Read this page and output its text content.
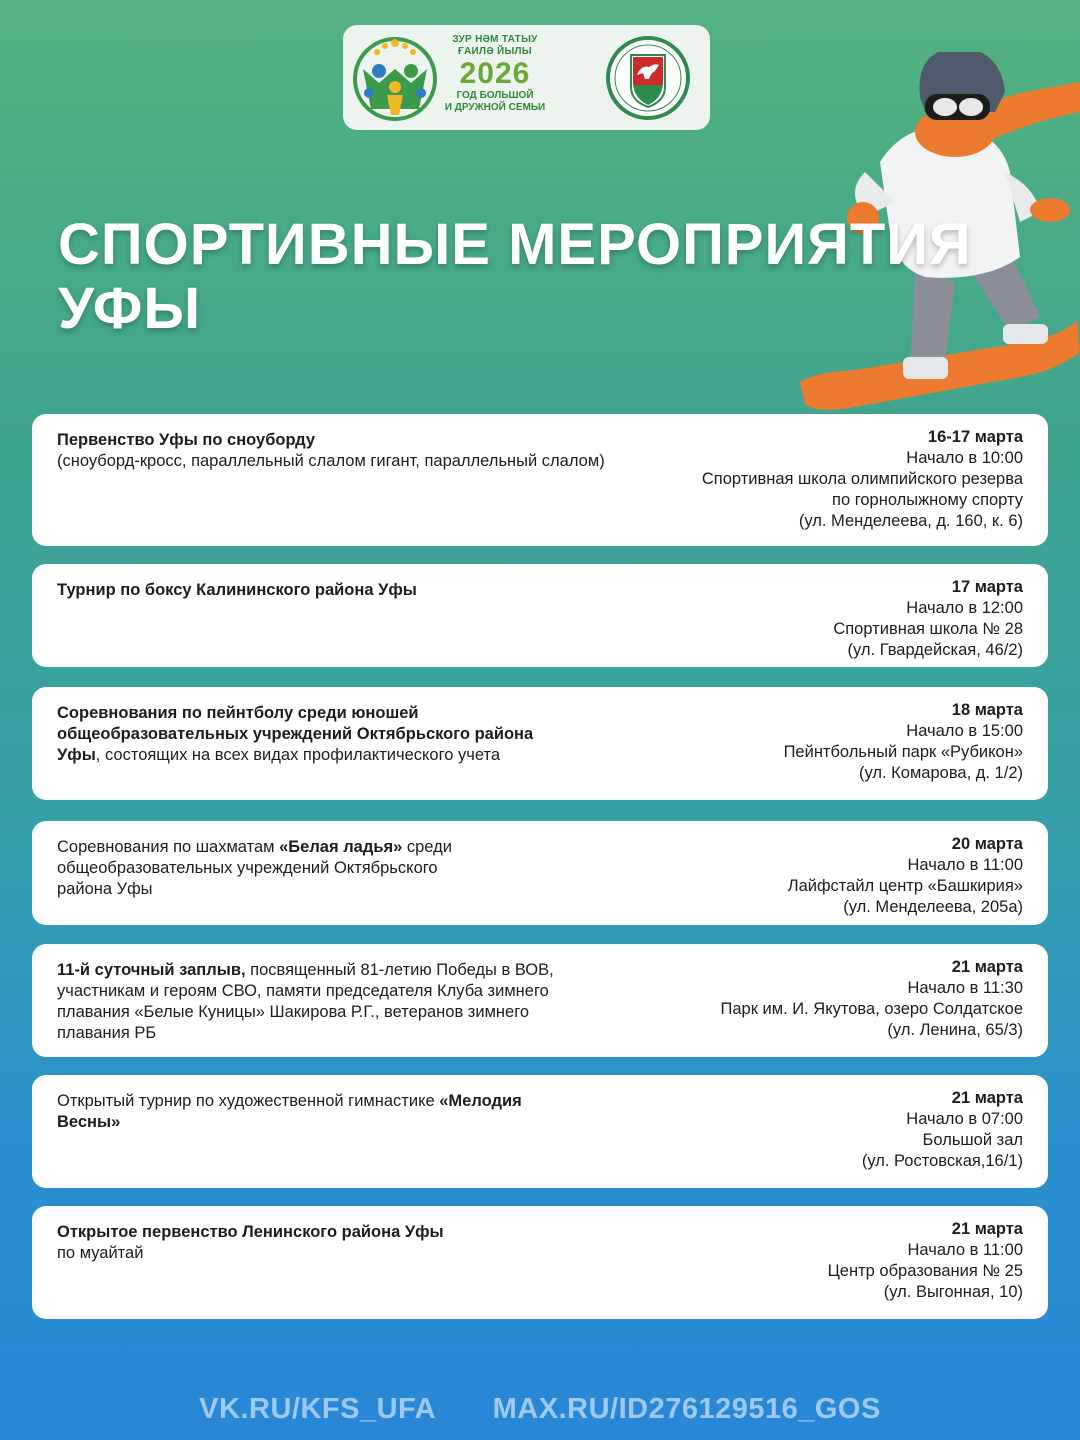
ЗУР НӘМ ТАТЫУ
ҒАИЛӘ ЙЫЛЫ
2026
ГОД БОЛЬШОЙ
И ДРУЖНОЙ СЕМЬИ
СПОРТИВНЫЕ МЕРОПРИЯТИЯ
УФЫ
Первенство Уфы по сноуборду
(сноуборд-кросс, параллельный слалом гигант, параллельный слалом)
16-17 марта
Начало в 10:00
Спортивная школа олимпийского резерва по горнолыжному спорту
(ул. Менделеева, д. 160, к. 6)
Турнир по боксу Калининского района Уфы	17 марта
Начало в 12:00
Спортивная школа № 28
(ул. Гвардейская, 46/2)
Соревнования по пейнтболу среди юношей общеобразовательных учреждений Октябрьского района Уфы, состоящих на всех видах профилактического учета
18 марта
Начало в 15:00
Пейнтбольный парк «Рубикон»
(ул. Комарова, д. 1/2)
Соревнования по шахматам «Белая ладья» среди общеобразовательных учреждений Октябрьского района Уфы
20 марта
Начало в 11:00
Лайфстайл центр «Башкирия»
(ул. Менделеева, 205а)
11-й суточный заплыв, посвященный 81-летию Победы в ВОВ, участникам и героям СВО, памяти председателя Клуба зимнего плавания «Белые Куницы» Шакирова Р.Г., ветеранов зимнего плавания РБ
21 марта
Начало в 11:30
Парк им. И. Якутова, озеро Солдатское
(ул. Ленина, 65/3)
Открытый турнир по художественной гимнастике «Мелодия Весны»
21 марта
Начало в 07:00
Большой зал
(ул. Ростовская,16/1)
Открытое первенство Ленинского района Уфы
по муайтай
21 марта
Начало в 11:00
Центр образования № 25
(ул. Выгонная, 10)
VK.RU/KFS_UFA MAX.RU/ID276129516_GOS
